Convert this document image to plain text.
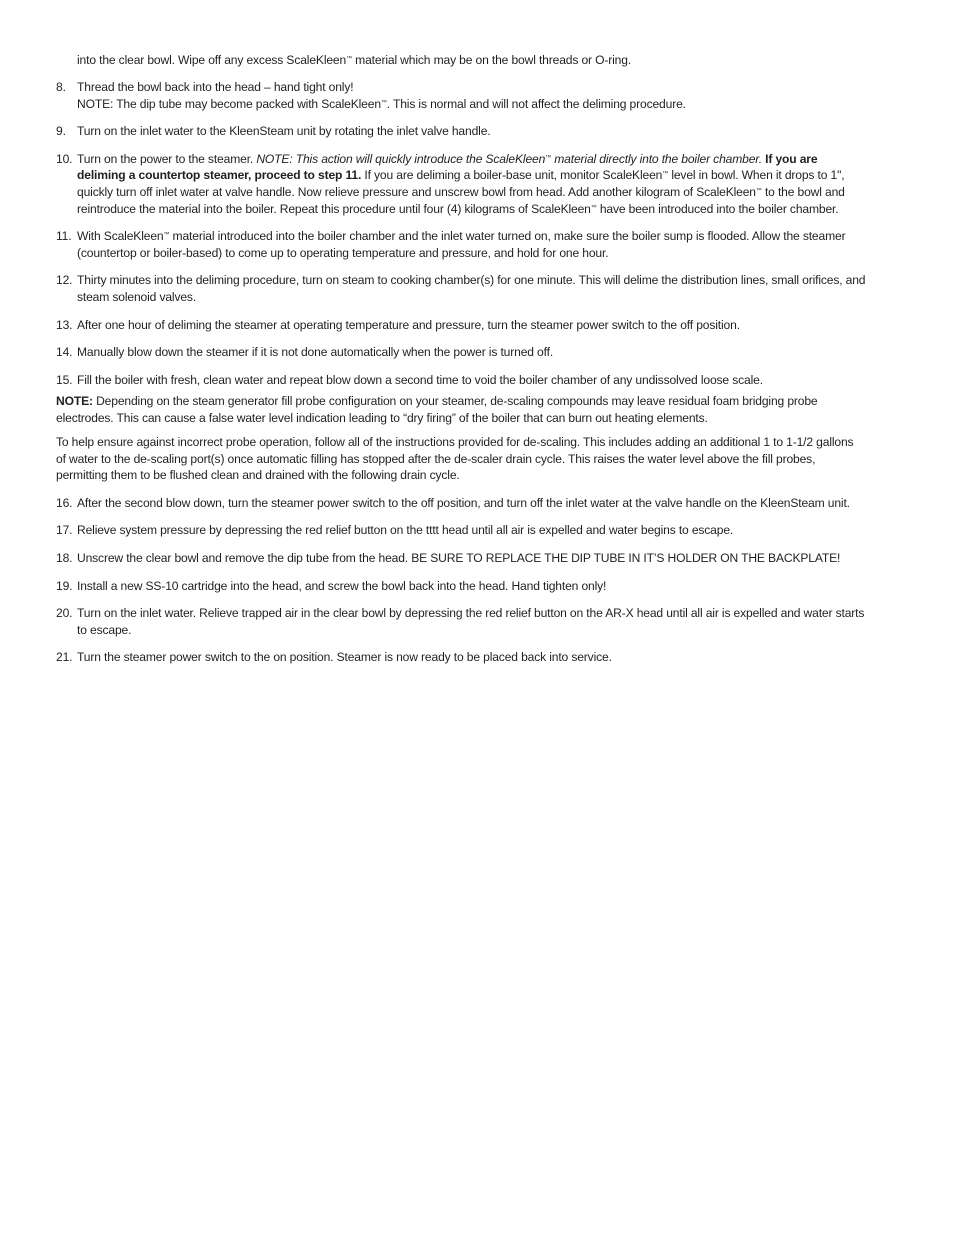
into the clear bowl. Wipe off any excess ScaleKleen™ material which may be on the bowl threads or O-ring.

8. Thread the bowl back into the head – hand tight only!
NOTE: The dip tube may become packed with ScaleKleen™. This is normal and will not affect the deliming procedure.
9. Turn on the inlet water to the KleenSteam unit by rotating the inlet valve handle.
10. Turn on the power to the steamer. NOTE: This action will quickly introduce the ScaleKleen™ material directly into the boiler chamber. If you are deliming a countertop steamer, proceed to step 11. If you are deliming a boiler-base unit, monitor ScaleKleen™ level in bowl. When it drops to 1", quickly turn off inlet water at valve handle. Now relieve pressure and unscrew bowl from head. Add another kilogram of ScaleKleen™ to the bowl and reintroduce the material into the boiler. Repeat this procedure until four (4) kilograms of ScaleKleen™ have been introduced into the boiler chamber.
11. With ScaleKleen™ material introduced into the boiler chamber and the inlet water turned on, make sure the boiler sump is flooded. Allow the steamer (countertop or boiler-based) to come up to operating temperature and pressure, and hold for one hour.
12. Thirty minutes into the deliming procedure, turn on steam to cooking chamber(s) for one minute. This will delime the distribution lines, small orifices, and steam solenoid valves.
13. After one hour of deliming the steamer at operating temperature and pressure, turn the steamer power switch to the off position.
14. Manually blow down the steamer if it is not done automatically when the power is turned off.
15. Fill the boiler with fresh, clean water and repeat blow down a second time to void the boiler chamber of any undissolved loose scale.

NOTE: Depending on the steam generator fill probe configuration on your steamer, de-scaling compounds may leave residual foam bridging probe electrodes. This can cause a false water level indication leading to “dry firing” of the boiler that can burn out heating elements.

To help ensure against incorrect probe operation, follow all of the instructions provided for de-scaling. This includes adding an additional 1 to 1-1/2 gallons of water to the de-scaling port(s) once automatic filling has stopped after the de-scaler drain cycle. This raises the water level above the fill probes, permitting them to be flushed clean and drained with the following drain cycle.

16. After the second blow down, turn the steamer power switch to the off position, and turn off the inlet water at the valve handle on the KleenSteam unit.
17. Relieve system pressure by depressing the red relief button on the tttt head until all air is expelled and water begins to escape.
18. Unscrew the clear bowl and remove the dip tube from the head. BE SURE TO REPLACE THE DIP TUBE IN IT’S HOLDER ON THE BACKPLATE!
19. Install a new SS-10 cartridge into the head, and screw the bowl back into the head. Hand tighten only!
20. Turn on the inlet water. Relieve trapped air in the clear bowl by depressing the red relief button on the AR-X head until all air is expelled and water starts to escape.
21. Turn the steamer power switch to the on position. Steamer is now ready to be placed back into service.
